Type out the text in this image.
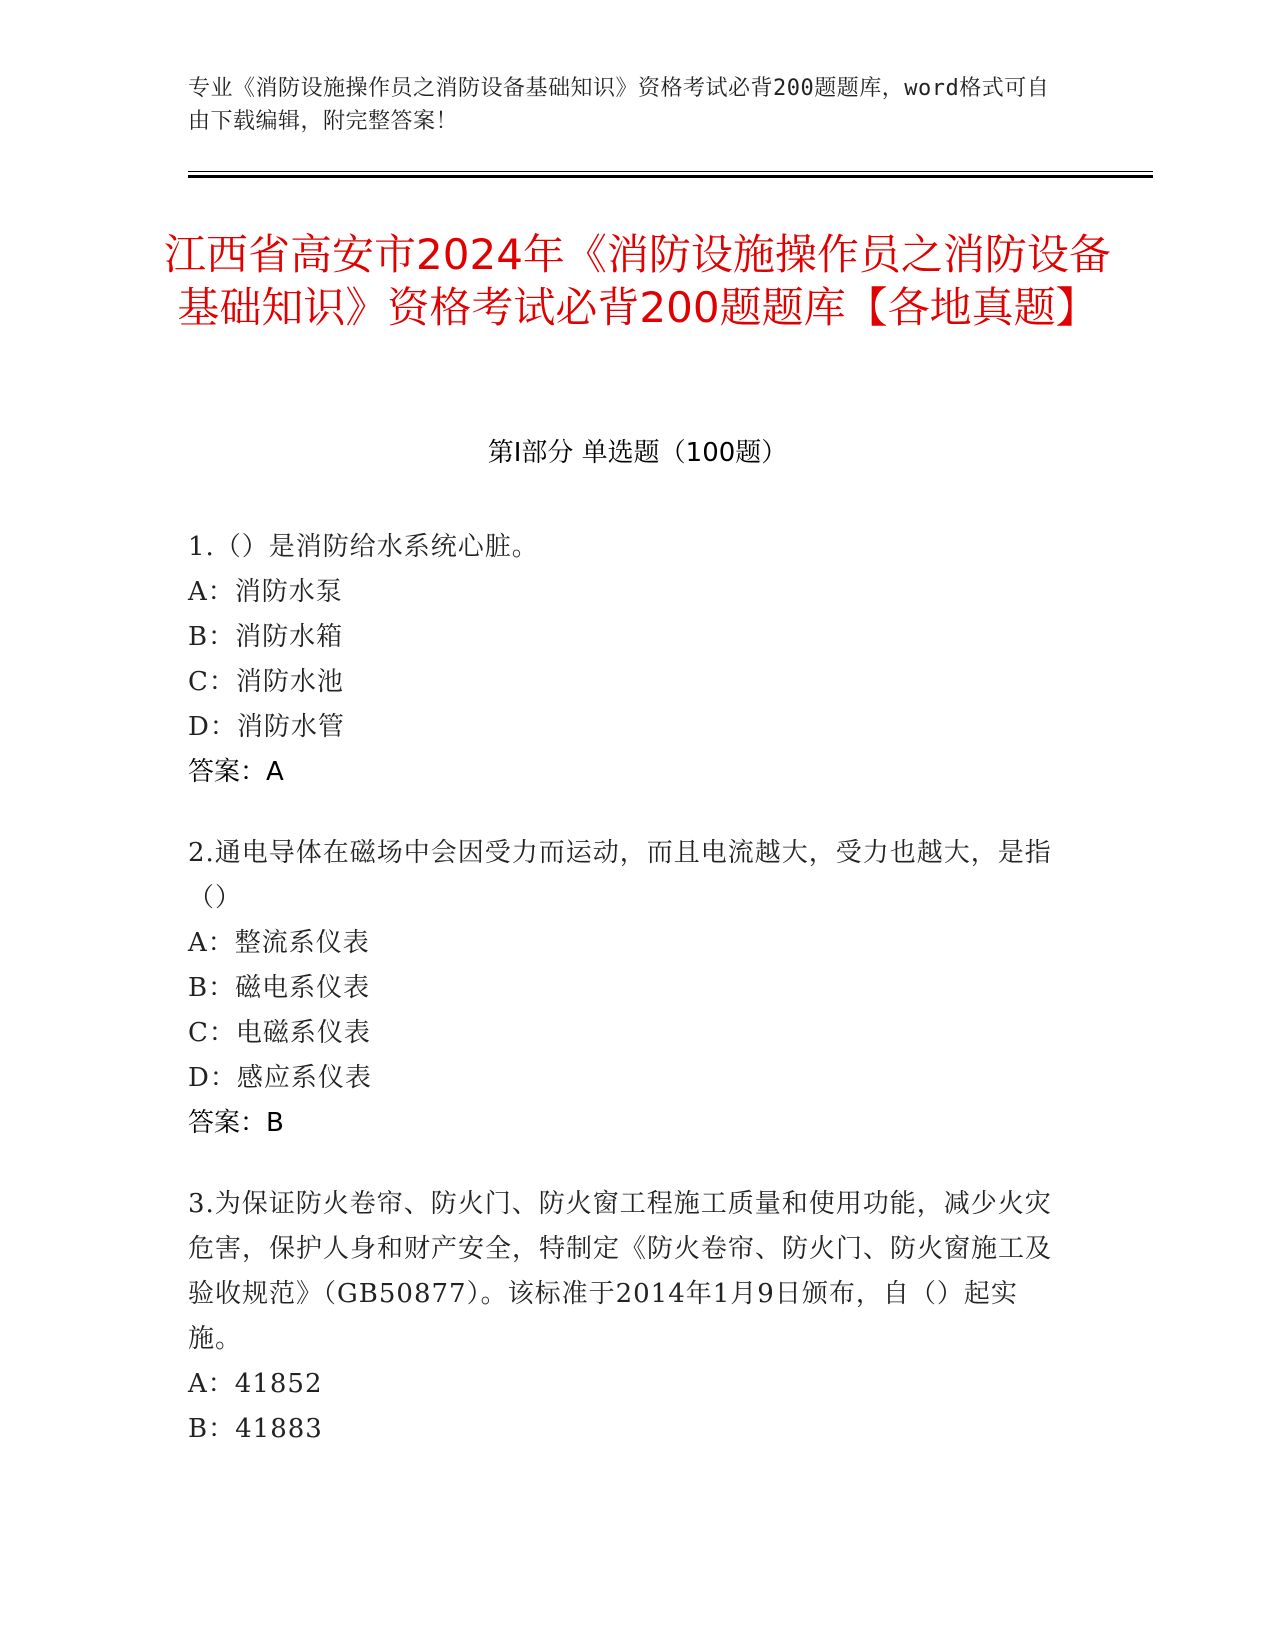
专业《消防设施操作员之消防设备基础知识》资格考试必背200题题库，word格式可自由下载编辑，附完整答案！
江西省高安市2024年《消防设施操作员之消防设备基础知识》资格考试必背200题题库【各地真题】
第Ⅰ部分 单选题（100题）
1.（）是消防给水系统心脏。
A：消防水泵
B：消防水箱
C：消防水池
D：消防水管
答案：A
2.通电导体在磁场中会因受力而运动，而且电流越大，受力也越大，是指（）
A：整流系仪表
B：磁电系仪表
C：电磁系仪表
D：感应系仪表
答案：B
3.为保证防火卷帘、防火门、防火窗工程施工质量和使用功能，减少火灾危害，保护人身和财产安全，特制定《防火卷帘、防火门、防火窗施工及验收规范》（GB50877）。该标准于2014年1月9日颁布，自（）起实施。
A：41852
B：41883
